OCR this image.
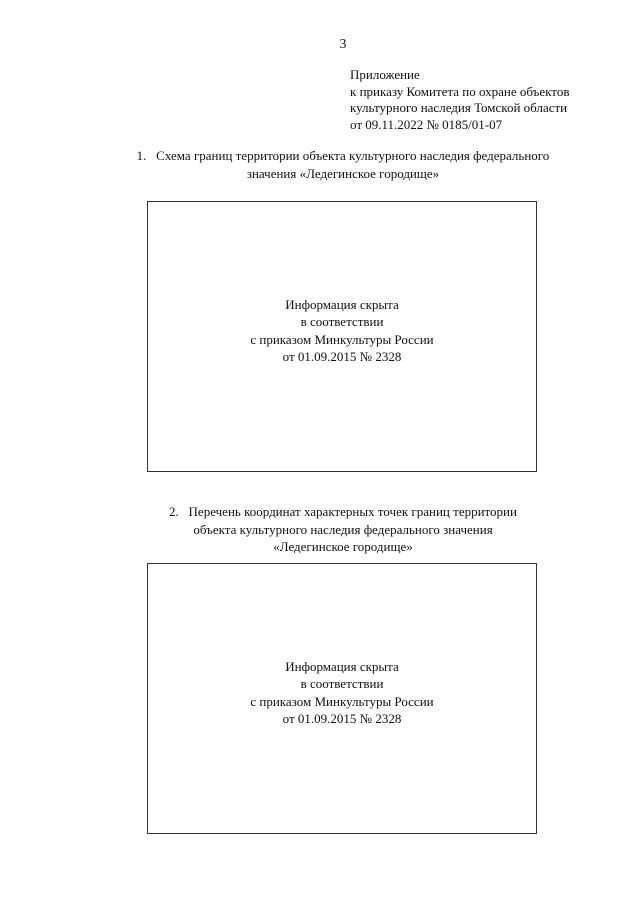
3
Приложение
к приказу Комитета по охране объектов
культурного наследия Томской области
от 09.11.2022 № 0185/01-07
1. Схема границ территории объекта культурного наследия федерального
значения «Ледегинское городище»
Информация скрыта
в соответствии
с приказом Минкультуры России
от 01.09.2015 № 2328
2. Перечень координат характерных точек границ территории
объекта культурного наследия федерального значения
«Ледегинское городище»
Информация скрыта
в соответствии
с приказом Минкультуры России
от 01.09.2015 № 2328
